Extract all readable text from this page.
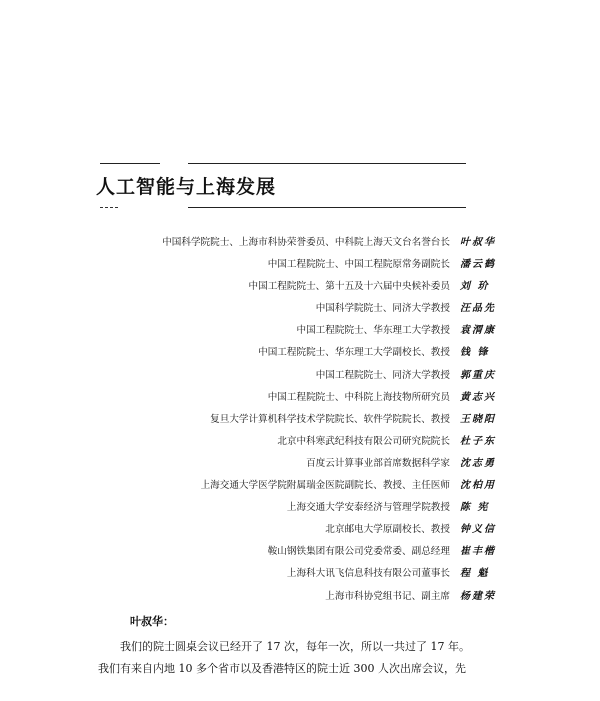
人工智能与上海发展
中国科学院院士、上海市科协荣誉委员、中科院上海天文台名誉台长 叶叔华
中国工程院院士、中国工程院原常务副院长 潘云鹤
中国工程院院士、第十五及十六届中央候补委员 刘 玠
中国科学院院士、同济大学教授 汪品先
中国工程院院士、华东理工大学教授 袁渭康
中国工程院院士、华东理工大学副校长、教授 钱 锋
中国工程院院士、同济大学教授 郭重庆
中国工程院院士、中科院上海技物所研究员 黄志兴
复旦大学计算机科学技术学院院长、软件学院院长、教授 王晓阳
北京中科寒武纪科技有限公司研究院院长 杜子东
百度云计算事业部首席数据科学家 沈志勇
上海交通大学医学院附属瑞金医院副院长、教授、主任医师 沈柏用
上海交通大学安泰经济与管理学院教授 陈 宪
北京邮电大学原副校长、教授 钟义信
鞍山钢铁集团有限公司党委常委、副总经理 崔丰楷
上海科大讯飞信息科技有限公司董事长 程 魁
上海市科协党组书记、副主席 杨建荣
叶叔华：
我们的院士圆桌会议已经开了 17 次，每年一次，所以一共过了 17 年。
我们有来自内地 10 多个省市以及香港特区的院士近 300 人次出席会议，先
